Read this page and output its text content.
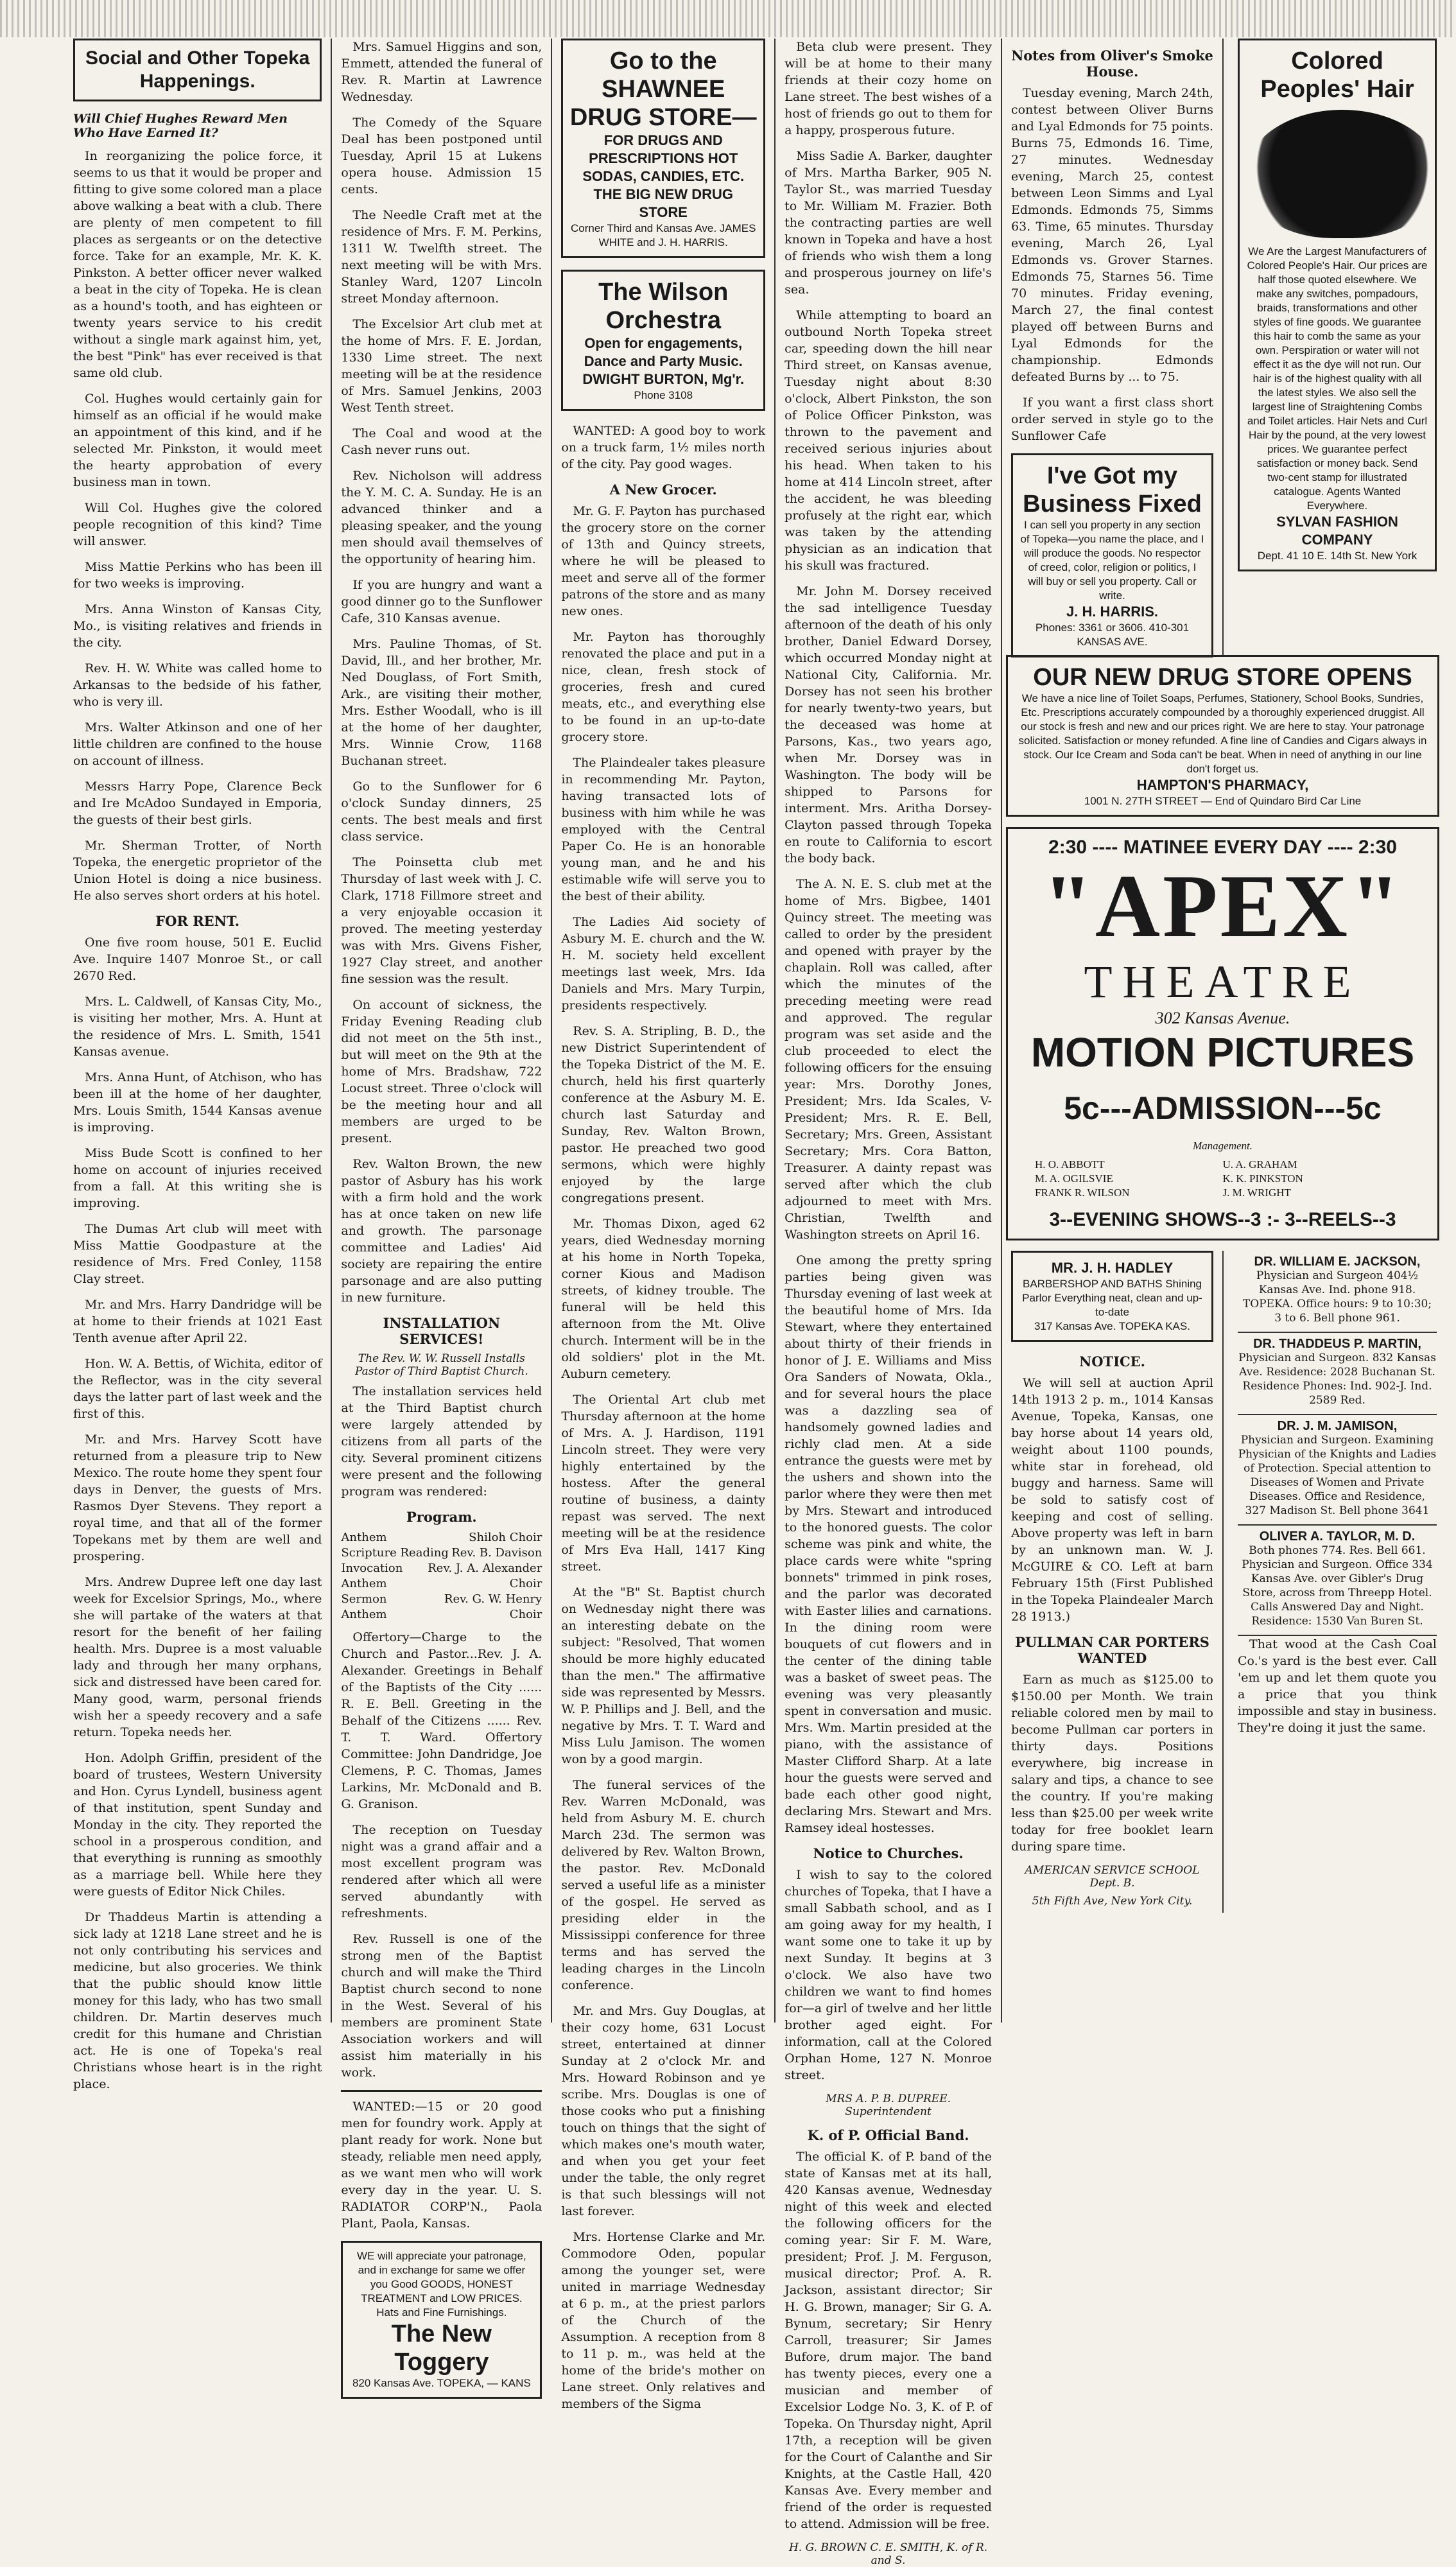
Social and Other Topeka Happenings.
Will Chief Hughes Reward Men Who Have Earned It?

In reorganizing the police force, it seems to us that it would be proper and fitting to give some colored man a place above walking a beat with a club. There are plenty of men competent to fill places as sergeants or on the detective force. Take for an example, Mr. K. K. Pinkston. A better officer never walked a beat in the city of Topeka. He is clean as a hound's tooth, and has eighteen or twenty years service to his credit without a single mark against him, yet, the best "Pink" has ever received is that same old club.

Col. Hughes would certainly gain for himself as an official if he would make an appointment of this kind, and if he selected Mr. Pinkston, it would meet the hearty approbation of every business man in town.

Will Col. Hughes give the colored people recognition of this kind? Time will answer.

Miss Mattie Perkins who has been ill for two weeks is improving.

Mrs. Anna Winston of Kansas City, Mo., is visiting relatives and friends in the city.

Rev. H. W. White was called home to Arkansas to the bedside of his father, who is very ill.

Mrs. Walter Atkinson and one of her little children are confined to the house on account of illness.

Messrs Harry Pope, Clarence Beck and Ire McAdoo Sundayed in Emporia, the guests of their best girls.

Mr. Sherman Trotter, of North Topeka, the energetic proprietor of the Union Hotel is doing a nice business. He also serves short orders at his hotel.

FOR RENT.

One five room house, 501 E. Euclid Ave. Inquire 1407 Monroe St., or call 2670 Red.

Mrs. L. Caldwell, of Kansas City, Mo., is visiting her mother, Mrs. A. Hunt at the residence of Mrs. L. Smith, 1541 Kansas avenue.

Mrs. Anna Hunt, of Atchison, who has been ill at the home of her daughter, Mrs. Louis Smith, 1544 Kansas avenue is improving.

Miss Bude Scott is confined to her home on account of injuries received from a fall. At this writing she is improving.

The Dumas Art club will meet with Miss Mattie Goodpasture at the residence of Mrs. Fred Conley, 1158 Clay street.

Mr. and Mrs. Harry Dandridge will be at home to their friends at 1021 East Tenth avenue after April 22.

Hon. W. A. Bettis, of Wichita, editor of the Reflector, was in the city several days the latter part of last week and the first of this.

Mr. and Mrs. Harvey Scott have returned from a pleasure trip to New Mexico. The route home they spent four days in Denver, the guests of Mrs. Rasmos Dyer Stevens. They report a royal time, and that all of the former Topekans met by them are well and prospering.

Mrs. Andrew Dupree left one day last week for Excelsior Springs, Mo., where she will partake of the waters at that resort for the benefit of her failing health. Mrs. Dupree is a most valuable lady and through her many orphans, sick and distressed have been cared for. Many good, warm, personal friends wish her a speedy recovery and a safe return. Topeka needs her.

Hon. Adolph Griffin, president of the board of trustees, Western University and Hon. Cyrus Lyndell, business agent of that institution, spent Sunday and Monday in the city. They reported the school in a prosperous condition, and that everything is running as smoothly as a marriage bell. While here they were guests of Editor Nick Chiles.

Dr Thaddeus Martin is attending a sick lady at 1218 Lane street and he is not only contributing his services and medicine, but also groceries. We think that the public should know little money for this lady, who has two small children. Dr. Martin deserves much credit for this humane and Christian act. He is one of Topeka's real Christians whose heart is in the right place.

Mrs. Samuel Higgins and son, Emmett, attended the funeral of Rev. R. Martin at Lawrence Wednesday.

The Comedy of the Square Deal has been postponed until Tuesday, April 15 at Lukens opera house. Admission 15 cents.

The Needle Craft met at the residence of Mrs. F. M. Perkins, 1311 W. Twelfth street. The next meeting will be with Mrs. Stanley Ward, 1207 Lincoln street Monday afternoon.

The Excelsior Art club met at the home of Mrs. F. E. Jordan, 1330 Lime street. The next meeting will be at the residence of Mrs. Samuel Jenkins, 2003 West Tenth street.

The Coal and wood at the Cash never runs out.

Rev. Nicholson will address the Y. M. C. A. Sunday. He is an advanced thinker and a pleasing speaker, and the young men should avail themselves of the opportunity of hearing him.

If you are hungry and want a good dinner go to the Sunflower Cafe, 310 Kansas avenue.

Mrs. Pauline Thomas, of St. David, Ill., and her brother, Mr. Ned Douglass, of Fort Smith, Ark., are visiting their mother, Mrs. Esther Woodall, who is ill at the home of her daughter, Mrs. Winnie Crow, 1168 Buchanan street.

Go to the Sunflower for 6 o'clock Sunday dinners, 25 cents. The best meals and first class service.

The Poinsetta club met Thursday of last week with J. C. Clark, 1718 Fillmore street and a very enjoyable occasion it proved. The meeting yesterday was with Mrs. Givens Fisher, 1927 Clay street, and another fine session was the result.

On account of sickness, the Friday Evening Reading club did not meet on the 5th inst., but will meet on the 9th at the home of Mrs. Bradshaw, 722 Locust street. Three o'clock will be the meeting hour and all members are urged to be present.

Rev. Walton Brown, the new pastor of Asbury has his work with a firm hold and the work has at once taken on new life and growth. The parsonage committee and Ladies' Aid society are repairing the entire parsonage and are also putting in new furniture.

INSTALLATION SERVICES!
The Rev. W. W. Russell Installs Pastor of Third Baptist Church.

The installation services held at the Third Baptist church were largely attended by citizens from all parts of the city. Several prominent citizens were present and the following program was rendered:

Program.
Anthem	Shiloh Choir
Scripture Reading Rev. B. Davison
Invocation Rev. J. A. Alexander
Anthem	Choir
Sermon	Rev. G. W. Henry
Anthem	Choir

Offertory—Charge to the Church and Pastor...Rev. J. A. Alexander. Greetings in Behalf of the Baptists of the City ...... R. E. Bell. Greeting in the Behalf of the Citizens ...... Rev. T. T. Ward. Offertory Committee: John Dandridge, Joe Clemens, P. C. Thomas, James Larkins, Mr. McDonald and B. G. Granison.

The reception on Tuesday night was a grand affair and a most excellent program was rendered after which all were served abundantly with refreshments.

Rev. Russell is one of the strong men of the Baptist church and will make the Third Baptist church second to none in the West. Several of his members are prominent State Association workers and will assist him materially in his work.

WANTED:—15 or 20 good men for foundry work. Apply at plant ready for work. None but steady, reliable men need apply, as we want men who will work every day in the year. U. S. RADIATOR CORP'N., Paola Plant, Paola, Kansas.

WE will appreciate your patronage, and in exchange for same we offer you Good GOODS, HONEST TREATMENT and LOW PRICES. Hats and Fine Furnishings.
The New Toggery
820 Kansas Ave. TOPEKA, — KANS
Go to the SHAWNEE DRUG STORE—
FOR DRUGS AND PRESCRIPTIONS HOT SODAS, CANDIES, ETC. THE BIG NEW DRUG STORE
Corner Third and Kansas Ave. JAMES WHITE and J. H. HARRIS.
The Wilson Orchestra
Open for engagements, Dance and Party Music.
DWIGHT BURTON, Mg'r.
Phone 3108

WANTED: A good boy to work on a truck farm, 1½ miles north of the city. Pay good wages.

A New Grocer.

Mr. G. F. Payton has purchased the grocery store on the corner of 13th and Quincy streets, where he will be pleased to meet and serve all of the former patrons of the store and as many new ones.

Mr. Payton has thoroughly renovated the place and put in a nice, clean, fresh stock of groceries, fresh and cured meats, etc., and everything else to be found in an up-to-date grocery store.

The Plaindealer takes pleasure in recommending Mr. Payton, having transacted lots of business with him while he was employed with the Central Paper Co. He is an honorable young man, and he and his estimable wife will serve you to the best of their ability.

The Ladies Aid society of Asbury M. E. church and the W. H. M. society held excellent meetings last week, Mrs. Ida Daniels and Mrs. Mary Turpin, presidents respectively.

Rev. S. A. Stripling, B. D., the new District Superintendent of the Topeka District of the M. E. church, held his first quarterly conference at the Asbury M. E. church last Saturday and Sunday, Rev. Walton Brown, pastor. He preached two good sermons, which were highly enjoyed by the large congregations present.

Mr. Thomas Dixon, aged 62 years, died Wednesday morning at his home in North Topeka, corner Kious and Madison streets, of kidney trouble. The funeral will be held this afternoon from the Mt. Olive church. Interment will be in the old soldiers' plot in the Mt. Auburn cemetery.

The Oriental Art club met Thursday afternoon at the home of Mrs. A. J. Hardison, 1191 Lincoln street. They were very highly entertained by the hostess. After the general routine of business, a dainty repast was served. The next meeting will be at the residence of Mrs Eva Hall, 1417 King street.

At the "B" St. Baptist church on Wednesday night there was an interesting debate on the subject: "Resolved, That women should be more highly educated than the men." The affirmative side was represented by Messrs. W. P. Phillips and J. Bell, and the negative by Mrs. T. T. Ward and Miss Lulu Jamison. The women won by a good margin.

The funeral services of the Rev. Warren McDonald, was held from Asbury M. E. church March 23d. The sermon was delivered by Rev. Walton Brown, the pastor. Rev. McDonald served a useful life as a minister of the gospel. He served as presiding elder in the Mississippi conference for three terms and has served the leading charges in the Lincoln conference.

Mr. and Mrs. Guy Douglas, at their cozy home, 631 Locust street, entertained at dinner Sunday at 2 o'clock Mr. and Mrs. Howard Robinson and ye scribe. Mrs. Douglas is one of those cooks who put a finishing touch on things that the sight of which makes one's mouth water, and when you get your feet under the table, the only regret is that such blessings will not last forever.

Mrs. Hortense Clarke and Mr. Commodore Oden, popular among the younger set, were united in marriage Wednesday at 6 p. m., at the priest parlors of the Church of the Assumption. A reception from 8 to 11 p. m., was held at the home of the bride's mother on Lane street. Only relatives and members of the Sigma

Beta club were present. They will be at home to their many friends at their cozy home on Lane street. The best wishes of a host of friends go out to them for a happy, prosperous future.

Miss Sadie A. Barker, daughter of Mrs. Martha Barker, 905 N. Taylor St., was married Tuesday to Mr. William M. Frazier. Both the contracting parties are well known in Topeka and have a host of friends who wish them a long and prosperous journey on life's sea.

While attempting to board an outbound North Topeka street car, speeding down the hill near Third street, on Kansas avenue, Tuesday night about 8:30 o'clock, Albert Pinkston, the son of Police Officer Pinkston, was thrown to the pavement and received serious injuries about his head. When taken to his home at 414 Lincoln street, after the accident, he was bleeding profusely at the right ear, which was taken by the attending physician as an indication that his skull was fractured.

Mr. John M. Dorsey received the sad intelligence Tuesday afternoon of the death of his only brother, Daniel Edward Dorsey, which occurred Monday night at National City, California. Mr. Dorsey has not seen his brother for nearly twenty-two years, but the deceased was home at Parsons, Kas., two years ago, when Mr. Dorsey was in Washington. The body will be shipped to Parsons for interment. Mrs. Aritha Dorsey-Clayton passed through Topeka en route to California to escort the body back.

The A. N. E. S. club met at the home of Mrs. Bigbee, 1401 Quincy street. The meeting was called to order by the president and opened with prayer by the chaplain. Roll was called, after which the minutes of the preceding meeting were read and approved. The regular program was set aside and the club proceeded to elect the following officers for the ensuing year: Mrs. Dorothy Jones, President; Mrs. Ida Scales, V-President; Mrs. R. E. Bell, Secretary; Mrs. Green, Assistant Secretary; Mrs. Cora Batton, Treasurer. A dainty repast was served after which the club adjourned to meet with Mrs. Christian, Twelfth and Washington streets on April 16.

One among the pretty spring parties being given was Thursday evening of last week at the beautiful home of Mrs. Ida Stewart, where they entertained about thirty of their friends in honor of J. E. Williams and Miss Ora Sanders of Nowata, Okla., and for several hours the place was a dazzling sea of handsomely gowned ladies and richly clad men. At a side entrance the guests were met by the ushers and shown into the parlor where they were then met by Mrs. Stewart and introduced to the honored guests. The color scheme was pink and white, the place cards were white "spring bonnets" trimmed in pink roses, and the parlor was decorated with Easter lilies and carnations. In the dining room were bouquets of cut flowers and in the center of the dining table was a basket of sweet peas. The evening was very pleasantly spent in conversation and music. Mrs. Wm. Martin presided at the piano, with the assistance of Master Clifford Sharp. At a late hour the guests were served and bade each other good night, declaring Mrs. Stewart and Mrs. Ramsey ideal hostesses.

Notice to Churches.

I wish to say to the colored churches of Topeka, that I have a small Sabbath school, and as I am going away for my health, I want some one to take it up by next Sunday. It begins at 3 o'clock. We also have two children we want to find homes for—a girl of twelve and her little brother aged eight. For information, call at the Colored Orphan Home, 127 N. Monroe street.

MRS A. P. B. DUPREE. Superintendent
K. of P. Official Band.

The official K. of P. band of the state of Kansas met at its hall, 420 Kansas avenue, Wednesday night of this week and elected the following officers for the coming year: Sir F. M. Ware, president; Prof. J. M. Ferguson, musical director; Prof. A. R. Jackson, assistant director; Sir H. G. Brown, manager; Sir G. A. Bynum, secretary; Sir Henry Carroll, treasurer; Sir James Bufore, drum major. The band has twenty pieces, every one a musician and member of Excelsior Lodge No. 3, K. of P. of Topeka. On Thursday night, April 17th, a reception will be given for the Court of Calanthe and Sir Knights, at the Castle Hall, 420 Kansas Ave. Every member and friend of the order is requested to attend. Admission will be free.

H. G. BROWN C. E. SMITH, K. of R. and S.
Notes from Oliver's Smoke House.

Tuesday evening, March 24th, contest between Oliver Burns and Lyal Edmonds for 75 points. Burns 75, Edmonds 16. Time, 27 minutes. Wednesday evening, March 25, contest between Leon Simms and Lyal Edmonds. Edmonds 75, Simms 63. Time, 65 minutes. Thursday evening, March 26, Lyal Edmonds vs. Grover Starnes. Edmonds 75, Starnes 56. Time 70 minutes. Friday evening, March 27, the final contest played off between Burns and Lyal Edmonds for the championship. Edmonds defeated Burns by ... to 75.

If you want a first class short order served in style go to the Sunflower Cafe

I've Got my Business Fixed
I can sell you property in any section of Topeka—you name the place, and I will produce the goods. No respector of creed, color, religion or politics, I will buy or sell you property. Call or write.
J. H. HARRIS.
Phones: 3361 or 3606. 410-301 KANSAS AVE.
Colored Peoples' Hair
We Are the Largest Manufacturers of Colored People's Hair. Our prices are half those quoted elsewhere. We make any switches, pompadours, braids, transformations and other styles of fine goods. We guarantee this hair to comb the same as your own. Perspiration or water will not effect it as the dye will not run. Our hair is of the highest quality with all the latest styles. We also sell the largest line of Straightening Combs and Toilet articles. Hair Nets and Curl Hair by the pound, at the very lowest prices. We guarantee perfect satisfaction or money back. Send two-cent stamp for illustrated catalogue. Agents Wanted Everywhere.
SYLVAN FASHION COMPANY
Dept. 41 10 E. 14th St. New York
OUR NEW DRUG STORE OPENS
We have a nice line of Toilet Soaps, Perfumes, Stationery, School Books, Sundries, Etc. Prescriptions accurately compounded by a thoroughly experienced druggist. All our stock is fresh and new and our prices right. We are here to stay. Your patronage solicited. Satisfaction or money refunded. A fine line of Candies and Cigars always in stock. Our Ice Cream and Soda can't be beat. When in need of anything in our line don't forget us.
HAMPTON'S PHARMACY,
1001 N. 27TH STREET — End of Quindaro Bird Car Line
2:30 ---- MATINEE EVERY DAY ---- 2:30
"APEX"
THEATRE
302 Kansas Avenue.
MOTION PICTURES
5c---ADMISSION---5c
Management.
H. O. ABBOTT	U. A. GRAHAM
M. A. OGILSVIE	K. K. PINKSTON
FRANK R. WILSON	J. M. WRIGHT
3--EVENING SHOWS--3 :- 3--REELS--3
MR. J. H. HADLEY
BARBERSHOP AND BATHS Shining Parlor Everything neat, clean and up-to-date
317 Kansas Ave. TOPEKA KAS.
NOTICE.

We will sell at auction April 14th 1913 2 p. m., 1014 Kansas Avenue, Topeka, Kansas, one bay horse about 14 years old, weight about 1100 pounds, white star in forehead, old buggy and harness. Same will be sold to satisfy cost of keeping and cost of selling. Above property was left in barn by an unknown man. W. J. McGUIRE & CO. Left at barn February 15th (First Published in the Topeka Plaindealer March 28 1913.)

PULLMAN CAR PORTERS WANTED

Earn as much as $125.00 to $150.00 per Month. We train reliable colored men by mail to become Pullman car porters in thirty days. Positions everywhere, big increase in salary and tips, a chance to see the country. If you're making less than $25.00 per week write today for free booklet learn during spare time.

AMERICAN SERVICE SCHOOL Dept. B.
5th Fifth Ave, New York City.
DR. WILLIAM E. JACKSON,
Physician and Surgeon 404½ Kansas Ave. Ind. phone 918. TOPEKA. Office hours: 9 to 10:30; 3 to 6. Bell phone 961.
DR. THADDEUS P. MARTIN,
Physician and Surgeon. 832 Kansas Ave. Residence: 2028 Buchanan St. Residence Phones: Ind. 902-J. Ind. 2589 Red.
DR. J. M. JAMISON,
Physician and Surgeon. Examining Physician of the Knights and Ladies of Protection. Special attention to Diseases of Women and Private Diseases. Office and Residence, 327 Madison St. Bell phone 3641
OLIVER A. TAYLOR, M. D.
Both phones 774. Res. Bell 661. Physician and Surgeon. Office 334 Kansas Ave. over Gibler's Drug Store, across from Threepp Hotel. Calls Answered Day and Night. Residence: 1530 Van Buren St.

That wood at the Cash Coal Co.'s yard is the best ever. Call 'em up and let them quote you a price that you think impossible and stay in business. They're doing it just the same.
